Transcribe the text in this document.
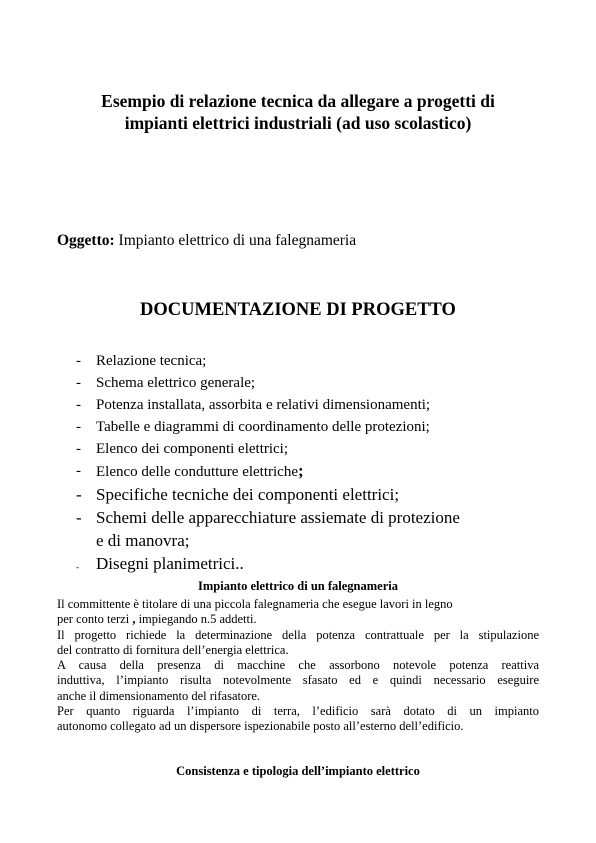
Esempio di relazione tecnica da allegare a progetti di
impianti elettrici industriali (ad uso scolastico)
Oggetto: Impianto elettrico di una falegnameria
DOCUMENTAZIONE DI PROGETTO
- Relazione tecnica;
- Schema elettrico generale;
- Potenza installata, assorbita e relativi dimensionamenti;
- Tabelle e diagrammi di coordinamento delle protezioni;
- Elenco dei componenti elettrici;
- Elenco delle condutture elettriche;
- Specifiche tecniche dei componenti elettrici;
- Schemi delle apparecchiature assiemate di protezione
e di manovra;
- Disegni planimetrici..
Impianto elettrico di un falegnameria
Il committente è titolare di una piccola falegnameria che esegue lavori in legno
per conto terzi , impiegando n.5 addetti.
Il progetto richiede la determinazione della potenza contrattuale per la stipulazione
del contratto di fornitura dell’energia elettrica.
A causa della presenza di macchine che assorbono notevole potenza reattiva
induttiva, l’impianto risulta notevolmente sfasato ed e quindi necessario eseguire
anche il dimensionamento del rifasatore.
Per quanto riguarda l’impianto di terra, l’edificio sarà dotato di un impianto
autonomo collegato ad un dispersore ispezionabile posto all’esterno dell’edificio.
Consistenza e tipologia dell’impianto elettrico
